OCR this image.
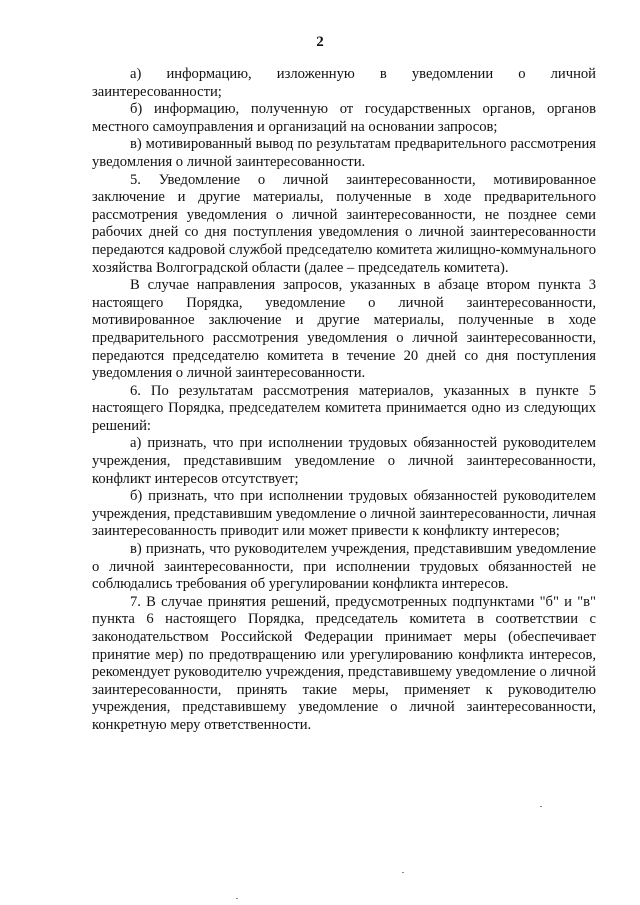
2

а) информацию, изложенную в уведомлении о личной заинтересованности;

б) информацию, полученную от государственных органов, органов местного самоуправления и организаций на основании запросов;

в) мотивированный вывод по результатам предварительного рассмотрения уведомления о личной заинтересованности.

5. Уведомление о личной заинтересованности, мотивированное заключение и другие материалы, полученные в ходе предварительного рассмотрения уведомления о личной заинтересованности, не позднее семи рабочих дней со дня поступления уведомления о личной заинтересованности передаются кадровой службой председателю комитета жилищно-коммунального хозяйства Волгоградской области (далее – председатель комитета).

В случае направления запросов, указанных в абзаце втором пункта 3 настоящего Порядка, уведомление о личной заинтересованности, мотивированное заключение и другие материалы, полученные в ходе предварительного рассмотрения уведомления о личной заинтересованности, передаются председателю комитета в течение 20 дней со дня поступления уведомления о личной заинтересованности.

6. По результатам рассмотрения материалов, указанных в пункте 5 настоящего Порядка, председателем комитета принимается одно из следующих решений:

а) признать, что при исполнении трудовых обязанностей руководителем учреждения, представившим уведомление о личной заинтересованности, конфликт интересов отсутствует;

б) признать, что при исполнении трудовых обязанностей руководителем учреждения, представившим уведомление о личной заинтересованности, личная заинтересованность приводит или может привести к конфликту интересов;

в) признать, что руководителем учреждения, представившим уведомление о личной заинтересованности, при исполнении трудовых обязанностей не соблюдались требования об урегулировании конфликта интересов.

7. В случае принятия решений, предусмотренных подпунктами "б" и "в" пункта 6 настоящего Порядка, председатель комитета в соответствии с законодательством Российской Федерации принимает меры (обеспечивает принятие мер) по предотвращению или урегулированию конфликта интересов, рекомендует руководителю учреждения, представившему уведомление о личной заинтересованности, принять такие меры, применяет к руководителю учреждения, представившему уведомление о личной заинтересованности, конкретную меру ответственности.
